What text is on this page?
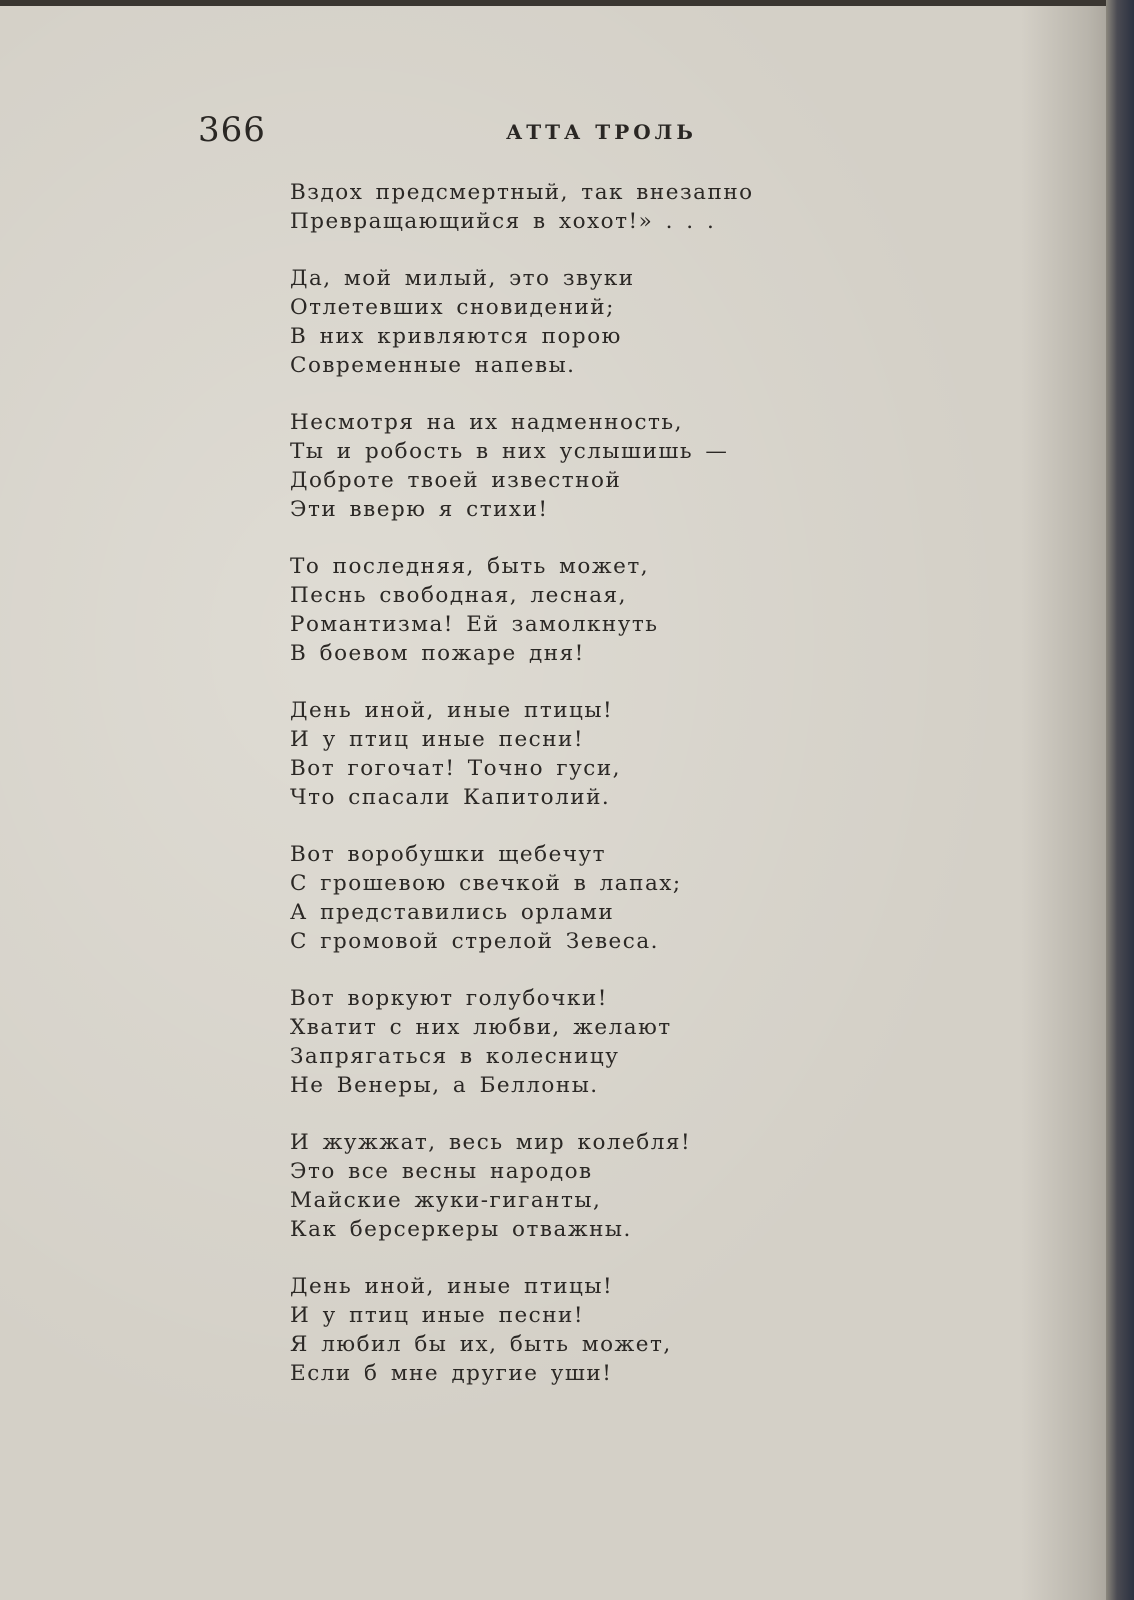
366	АТТА ТРОЛЬ
Вздох предсмертный, так внезапно
Превращающийся в хохот!» . . .
Да, мой милый, это звуки
Отлетевших сновидений;
В них кривляются порою
Современные напевы.
Несмотря на их надменность,
Ты и робость в них услышишь —
Доброте твоей известной
Эти вверю я стихи!
То последняя, быть может,
Песнь свободная, лесная,
Романтизма! Ей замолкнуть
В боевом пожаре дня!
День иной, иные птицы!
И у птиц иные песни!
Вот гогочат! Точно гуси,
Что спасали Капитолий.
Вот воробушки щебечут
С грошевою свечкой в лапах;
А представились орлами
С громовой стрелой Зевеса.
Вот воркуют голубочки!
Хватит с них любви, желают
Запрягаться в колесницу
Не Венеры, а Беллоны.
И жужжат, весь мир колебля!
Это все весны народов
Майские жуки-гиганты,
Как берсеркеры отважны.
День иной, иные птицы!
И у птиц иные песни!
Я любил бы их, быть может,
Если б мне другие уши!
